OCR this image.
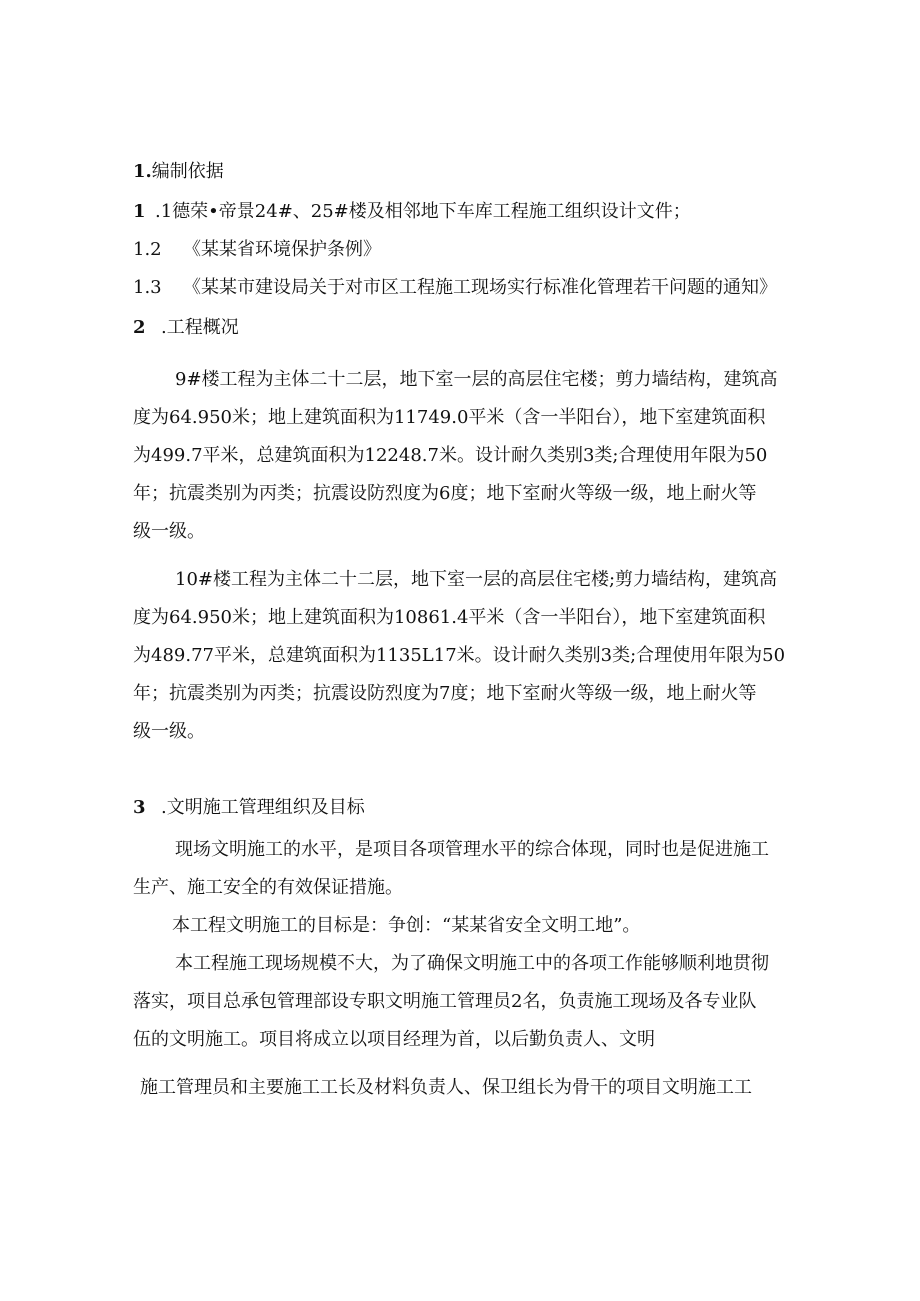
1.编制依据
1 .1德荣•帝景24#、25#楼及相邻地下车库工程施工组织设计文件；
1.2 《某某省环境保护条例》
1.3 《某某市建设局关于对市区工程施工现场实行标准化管理若干问题的通知》
2 .工程概况
9#楼工程为主体二十二层，地下室一层的高层住宅楼；剪力墙结构，建筑高
度为64.950米；地上建筑面积为11749.0平米（含一半阳台），地下室建筑面积
为499.7平米，总建筑面积为12248.7米。设计耐久类别3类;合理使用年限为50
年；抗震类别为丙类；抗震设防烈度为6度；地下室耐火等级一级，地上耐火等
级一级。
10#楼工程为主体二十二层，地下室一层的高层住宅楼;剪力墙结构，建筑高
度为64.950米；地上建筑面积为10861.4平米（含一半阳台），地下室建筑面积
为489.77平米，总建筑面积为1135L17米。设计耐久类别3类;合理使用年限为50
年；抗震类别为丙类；抗震设防烈度为7度；地下室耐火等级一级，地上耐火等
级一级。
3 .文明施工管理组织及目标
现场文明施工的水平，是项目各项管理水平的综合体现，同时也是促进施工
生产、施工安全的有效保证措施。
本工程文明施工的目标是：争创：“某某省安全文明工地”。
本工程施工现场规模不大，为了确保文明施工中的各项工作能够顺利地贯彻
落实，项目总承包管理部设专职文明施工管理员2名，负责施工现场及各专业队
伍的文明施工。项目将成立以项目经理为首，以后勤负责人、文明
施工管理员和主要施工工长及材料负责人、保卫组长为骨干的项目文明施工工
